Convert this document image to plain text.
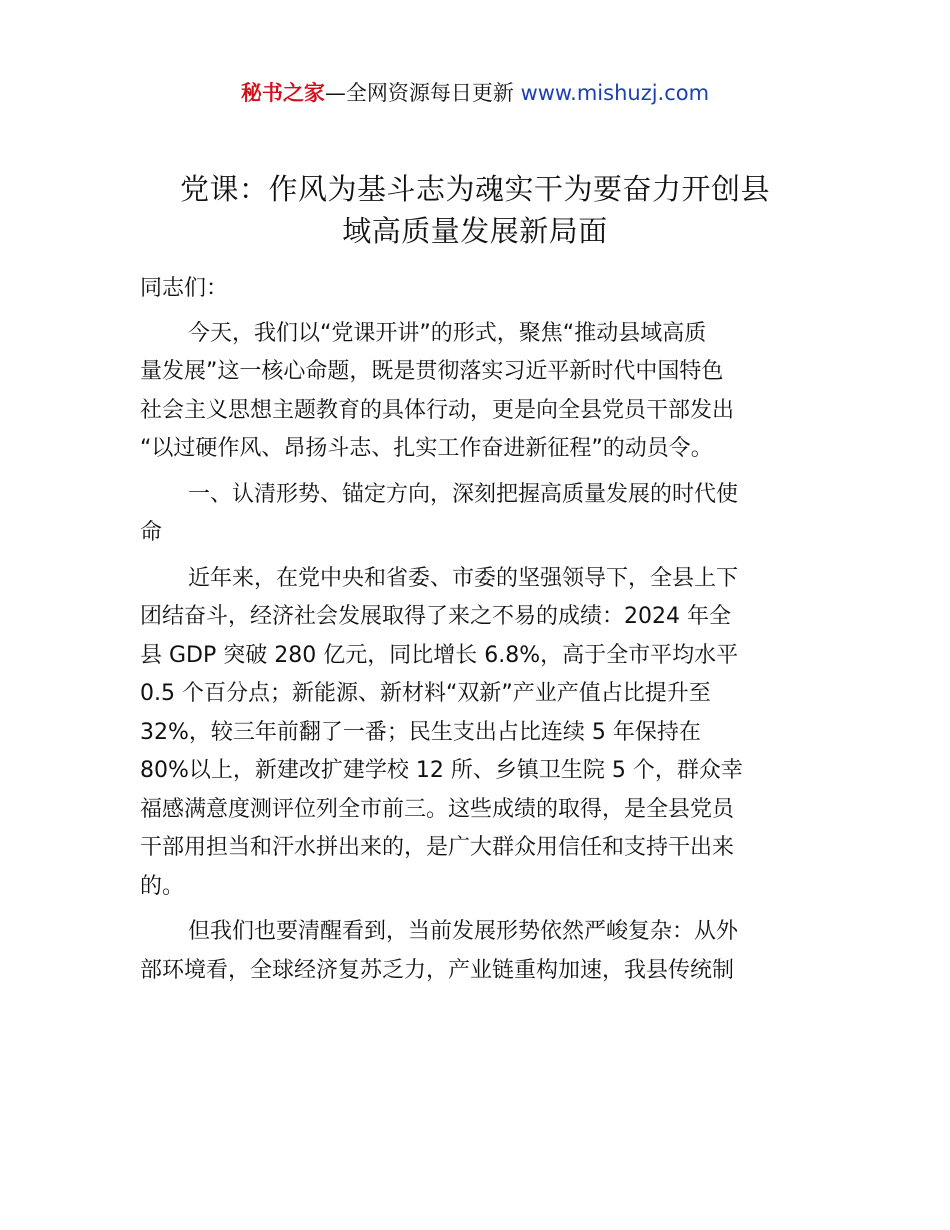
秘书之家—全网资源每日更新 www.mishuzj.com
党课：作风为基斗志为魂实干为要奋力开创县
域高质量发展新局面

同志们：

今天，我们以“党课开讲”的形式，聚焦“推动县域高质
量发展”这一核心命题，既是贯彻落实习近平新时代中国特色
社会主义思想主题教育的具体行动，更是向全县党员干部发出
“以过硬作风、昂扬斗志、扎实工作奋进新征程”的动员令。

一、认清形势、锚定方向，深刻把握高质量发展的时代使
命

近年来，在党中央和省委、市委的坚强领导下，全县上下
团结奋斗，经济社会发展取得了来之不易的成绩：2024 年全
县 GDP 突破 280 亿元，同比增长 6.8%，高于全市平均水平
0.5 个百分点；新能源、新材料“双新”产业产值占比提升至
32%，较三年前翻了一番；民生支出占比连续 5 年保持在
80%以上，新建改扩建学校 12 所、乡镇卫生院 5 个，群众幸
福感满意度测评位列全市前三。这些成绩的取得，是全县党员
干部用担当和汗水拼出来的，是广大群众用信任和支持干出来
的。

但我们也要清醒看到，当前发展形势依然严峻复杂：从外
部环境看，全球经济复苏乏力，产业链重构加速，我县传统制
